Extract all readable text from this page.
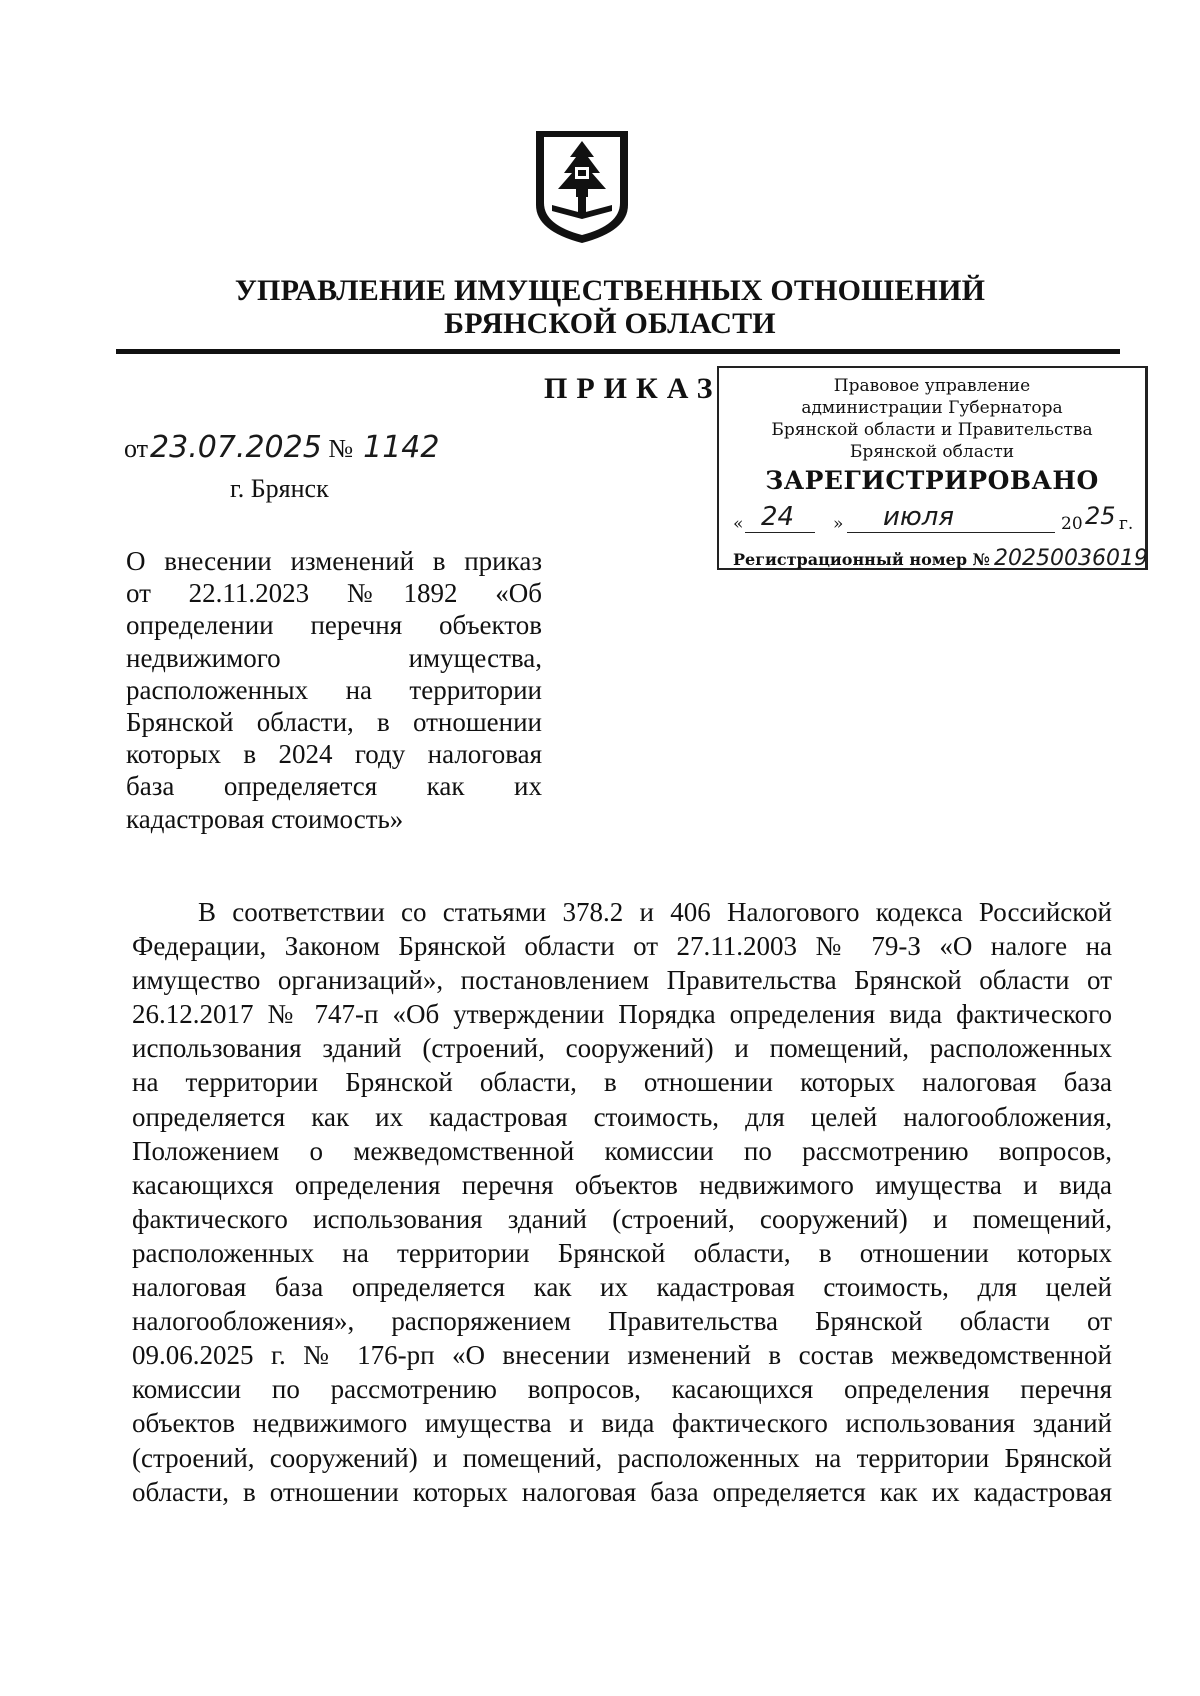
УПРАВЛЕНИЕ ИМУЩЕСТВЕННЫХ ОТНОШЕНИЙ
БРЯНСКОЙ ОБЛАСТИ
ПРИКАЗ
от23.07.2025 № 1142
г. Брянск
О внесении изменений в приказ
от 22.11.2023 №1892 «Об
определении перечня объектов
недвижимого имущества,
расположенных на территории
Брянской области, в отношении
которых в 2024 году налоговая
база определяется как их
кадастровая стоимость»
Правовое управление
администрации Губернатора
Брянской области и Правительства
Брянской области
ЗАРЕГИСТРИРОВАНО
« 24 » июля	20 25 г.
Регистрационный номер № 20250036019
В соответствии со статьями 378.2 и 406 Налогового кодекса Российской
Федерации, Законом Брянской области от 27.11.2003 № 79-З «О налоге на
имущество организаций», постановлением Правительства Брянской области от
26.12.2017 № 747-п «Об утверждении Порядка определения вида фактического
использования зданий (строений, сооружений) и помещений, расположенных
на территории Брянской области, в отношении которых налоговая база
определяется как их кадастровая стоимость, для целей налогообложения,
Положением о межведомственной комиссии по рассмотрению вопросов,
касающихся определения перечня объектов недвижимого имущества и вида
фактического использования зданий (строений, сооружений) и помещений,
расположенных на территории Брянской области, в отношении которых
налоговая база определяется как их кадастровая стоимость, для целей
налогообложения», распоряжением Правительства Брянской области от
09.06.2025 г. № 176-рп «О внесении изменений в состав межведомственной
комиссии по рассмотрению вопросов, касающихся определения перечня
объектов недвижимого имущества и вида фактического использования зданий
(строений, сооружений) и помещений, расположенных на территории Брянской
области, в отношении которых налоговая база определяется как их кадастровая
